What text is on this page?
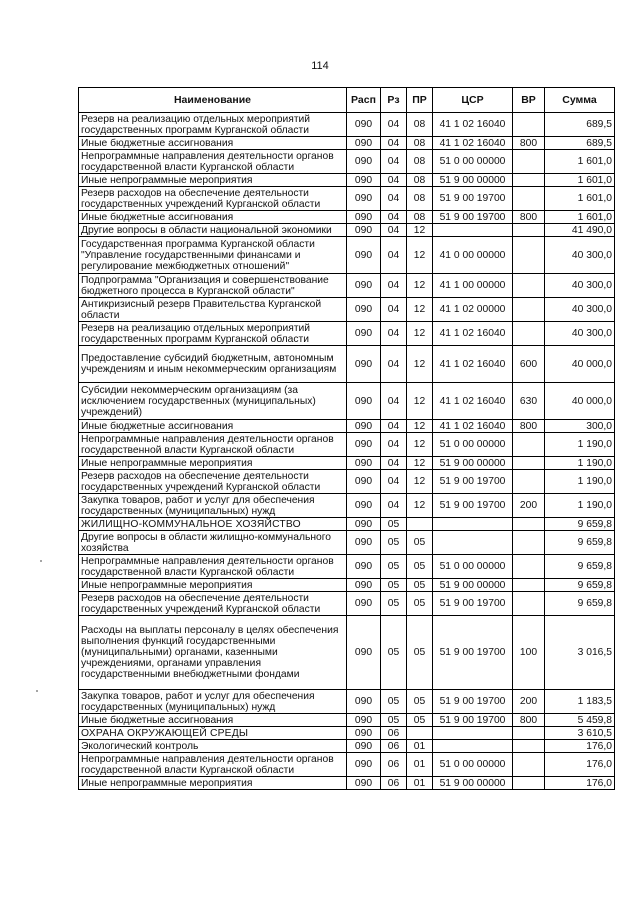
114
Наименование	Расп	Рз	ПР	ЦСР	ВР	Сумма
Резерв на реализацию отдельных мероприятий государственных программ Курганской области	090	04	08	41 1 02 16040		689,5
Иные бюджетные ассигнования	090	04	08	41 1 02 16040	800	689,5
Непрограммные направления деятельности органов государственной власти Курганской области	090	04	08	51 0 00 00000		1 601,0
Иные непрограммные мероприятия	090	04	08	51 9 00 00000		1 601,0
Резерв расходов на обеспечение деятельности государственных учреждений Курганской области	090	04	08	51 9 00 19700		1 601,0
Иные бюджетные ассигнования	090	04	08	51 9 00 19700	800	1 601,0
Другие вопросы в области национальной экономики	090	04	12			41 490,0
Государственная программа Курганской области "Управление государственными финансами и регулирование межбюджетных отношений"	090	04	12	41 0 00 00000		40 300,0
Подпрограмма "Организация и совершенствование бюджетного процесса в Курганской области"	090	04	12	41 1 00 00000		40 300,0
Антикризисный резерв Правительства Курганской области	090	04	12	41 1 02 00000		40 300,0
Резерв на реализацию отдельных мероприятий государственных программ Курганской области	090	04	12	41 1 02 16040		40 300,0
Предоставление субсидий бюджетным, автономным учреждениям и иным некоммерческим организациям	090	04	12	41 1 02 16040	600	40 000,0
Субсидии некоммерческим организациям (за исключением государственных (муниципальных) учреждений)	090	04	12	41 1 02 16040	630	40 000,0
Иные бюджетные ассигнования	090	04	12	41 1 02 16040	800	300,0
Непрограммные направления деятельности органов государственной власти Курганской области	090	04	12	51 0 00 00000		1 190,0
Иные непрограммные мероприятия	090	04	12	51 9 00 00000		1 190,0
Резерв расходов на обеспечение деятельности государственных учреждений Курганской области	090	04	12	51 9 00 19700		1 190,0
Закупка товаров, работ и услуг для обеспечения государственных (муниципальных) нужд	090	04	12	51 9 00 19700	200	1 190,0
ЖИЛИЩНО-КОММУНАЛЬНОЕ ХОЗЯЙСТВО	090	05				9 659,8
Другие вопросы в области жилищно-коммунального хозяйства	090	05	05			9 659,8
Непрограммные направления деятельности органов государственной власти Курганской области	090	05	05	51 0 00 00000		9 659,8
Иные непрограммные мероприятия	090	05	05	51 9 00 00000		9 659,8
Резерв расходов на обеспечение деятельности государственных учреждений Курганской области	090	05	05	51 9 00 19700		9 659,8
Расходы на выплаты персоналу в целях обеспечения выполнения функций государственными (муниципальными) органами, казенными учреждениями, органами управления государственными внебюджетными фондами	090	05	05	51 9 00 19700	100	3 016,5
Закупка товаров, работ и услуг для обеспечения государственных (муниципальных) нужд	090	05	05	51 9 00 19700	200	1 183,5
Иные бюджетные ассигнования	090	05	05	51 9 00 19700	800	5 459,8
ОХРАНА ОКРУЖАЮЩЕЙ СРЕДЫ	090	06				3 610,5
Экологический контроль	090	06	01			176,0
Непрограммные направления деятельности органов государственной власти Курганской области	090	06	01	51 0 00 00000		176,0
Иные непрограммные мероприятия	090	06	01	51 9 00 00000		176,0
